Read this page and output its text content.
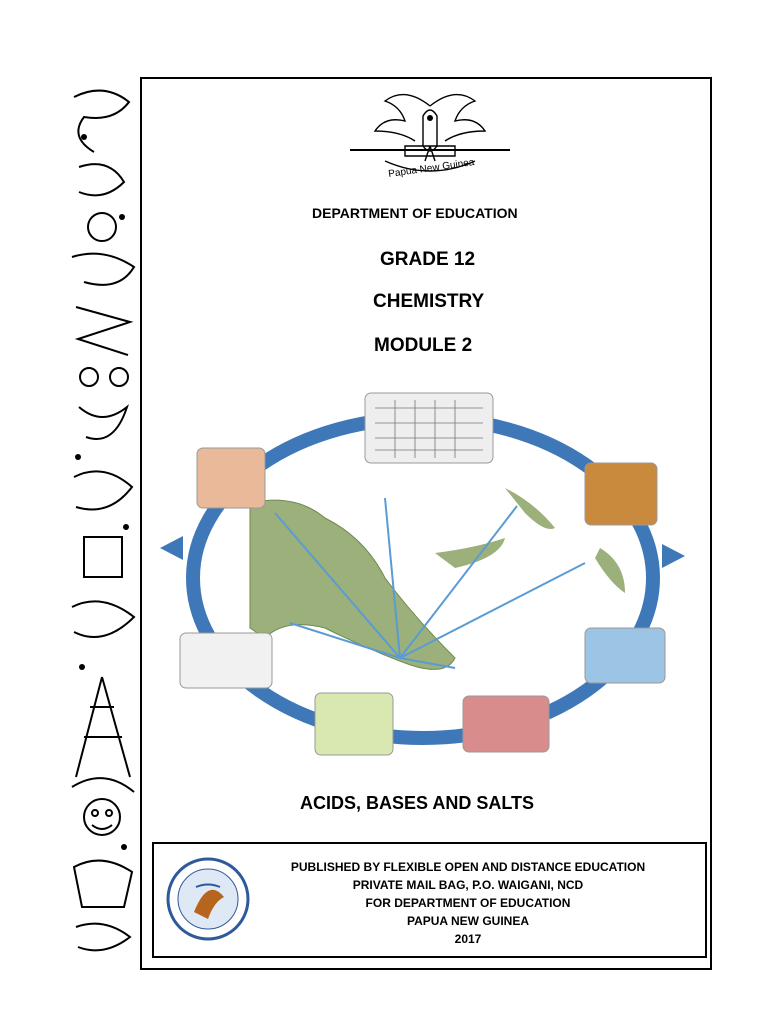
Papua New Guinea
DEPARTMENT OF EDUCATION
GRADE 12
CHEMISTRY
MODULE 2
ACIDS, BASES AND SALTS
PUBLISHED BY FLEXIBLE OPEN AND DISTANCE EDUCATION
PRIVATE MAIL BAG, P.O. WAIGANI, NCD
FOR DEPARTMENT OF EDUCATION
PAPUA NEW GUINEA
2017
